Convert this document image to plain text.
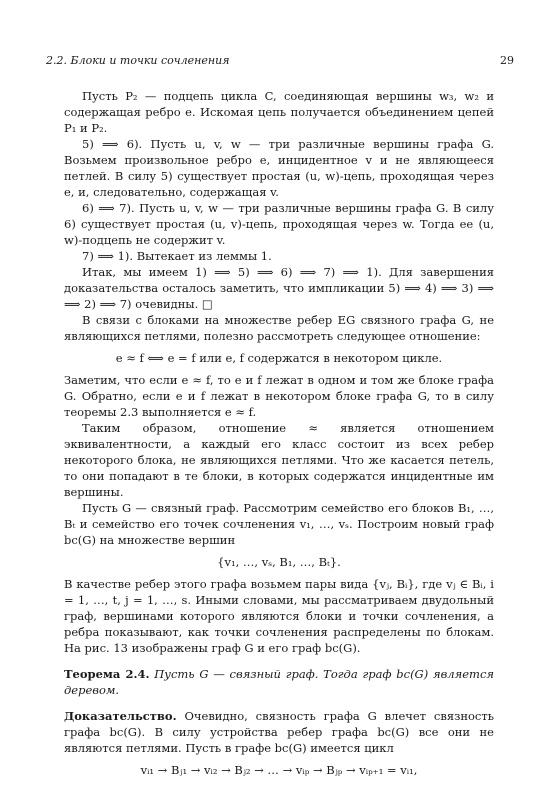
2.2. Блоки и точки сочленения	29

Пусть P₂ — подцепь цикла C, соединяющая вершины w₃, w₂ и содержащая ребро e. Искомая цепь получается объединением цепей P₁ и P₂.

5) ⟹ 6). Пусть u, v, w — три различные вершины графа G. Возьмем произвольное ребро e, инцидентное v и не являющееся петлей. В силу 5) существует простая (u, w)-цепь, проходящая через e, и, следовательно, содержащая v.

6) ⟹ 7). Пусть u, v, w — три различные вершины графа G. В силу 6) существует простая (u, v)-цепь, проходящая через w. Тогда ее (u, w)-подцепь не содержит v.

7) ⟹ 1). Вытекает из леммы 1.

Итак, мы имеем 1) ⟹ 5) ⟹ 6) ⟹ 7) ⟹ 1). Для завершения доказательства осталось заметить, что импликации 5) ⟹ 4) ⟹ 3) ⟹ ⟹ 2) ⟹ 7) очевидны. □

В связи с блоками на множестве ребер EG связного графа G, не являющихся петлями, полезно рассмотреть следующее отношение:

e ≈ f ⟺ e = f или e, f содержатся в некотором цикле.

Заметим, что если e ≈ f, то e и f лежат в одном и том же блоке графа G. Обратно, если e и f лежат в некотором блоке графа G, то в силу теоремы 2.3 выполняется e ≈ f.

Таким образом, отношение ≈ является отношением эквивалентности, а каждый его класс состоит из всех ребер некоторого блока, не являющихся петлями. Что же касается петель, то они попадают в те блоки, в которых содержатся инцидентные им вершины.

Пусть G — связный граф. Рассмотрим семейство его блоков B₁, …, Bₜ и семейство его точек сочленения v₁, …, vₛ. Построим новый граф bc(G) на множестве вершин

{v₁, …, vₛ, B₁, …, Bₜ}.

В качестве ребер этого графа возьмем пары вида {vⱼ, Bᵢ}, где vⱼ ∈ Bᵢ, i = 1, …, t, j = 1, …, s. Иными словами, мы рассматриваем двудольный граф, вершинами которого являются блоки и точки сочленения, а ребра показывают, как точки сочленения распределены по блокам. На рис. 13 изображены граф G и его граф bc(G).

Теорема 2.4. Пусть G — связный граф. Тогда граф bc(G) является деревом.

Доказательство. Очевидно, связность графа G влечет связность графа bc(G). В силу устройства ребер графа bc(G) все они не являются петлями. Пусть в графе bc(G) имеется цикл

vᵢ₁ → Bⱼ₁ → vᵢ₂ → Bⱼ₂ → … → vᵢₚ → Bⱼₚ → vᵢₚ₊₁ = vᵢ₁,
